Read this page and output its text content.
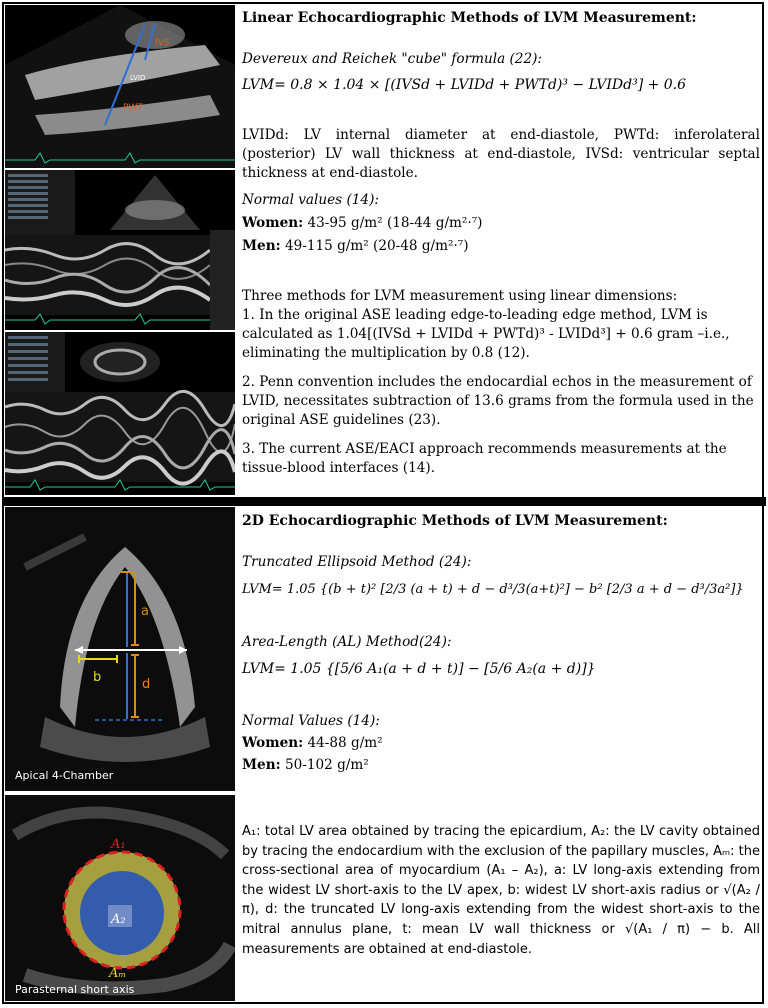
IVS
LVID
PWT
Linear Echocardiographic Methods of LVM Measurement:
Devereux and Reichek "cube" formula (22):
LVM= 0.8 × 1.04 × [(IVSd + LVIDd + PWTd)³ − LVIDd³] + 0.6
LVIDd: LV internal diameter at end-diastole, PWTd: inferolateral (posterior) LV wall thickness at end-diastole, IVSd: ventricular septal thickness at end-diastole.
Normal values (14):
Women: 43-95 g/m² (18-44 g/m²·⁷)
Men: 49-115 g/m² (20-48 g/m²·⁷)
Three methods for LVM measurement using linear dimensions:
1. In the original ASE leading edge-to-leading edge method, LVM is calculated as 1.04[(IVSd + LVIDd + PWTd)³ - LVIDd³] + 0.6 gram –i.e., eliminating the multiplication by 0.8 (12).
2. Penn convention includes the endocardial echos in the measurement of LVID, necessitates subtraction of 13.6 grams from the formula used in the original ASE guidelines (23).
3. The current ASE/EACI approach recommends measurements at the tissue-blood interfaces (14).
a
b	d
Apical 4-Chamber
A₁
A₂
Aₘ
Parasternal short axis
2D Echocardiographic Methods of LVM Measurement:
Truncated Ellipsoid Method (24):
LVM= 1.05 {(b + t)² [2/3 (a + t) + d − d³/3(a+t)²] − b² [2/3 a + d − d³/3a²]}
Area-Length (AL) Method(24):
LVM= 1.05 {[5/6 A₁(a + d + t)] − [5/6 A₂(a + d)]}
Normal Values (14):
Women: 44-88 g/m²
Men: 50-102 g/m²
A₁: total LV area obtained by tracing the epicardium, A₂: the LV cavity obtained by tracing the endocardium with the exclusion of the papillary muscles, Aₘ: the cross-sectional area of myocardium (A₁ – A₂), a: LV long-axis extending from the widest LV short-axis to the LV apex, b: widest LV short-axis radius or √(A₂ / π), d: the truncated LV long-axis extending from the widest short-axis to the mitral annulus plane, t: mean LV wall thickness or √(A₁ / π) − b. All measurements are obtained at end-diastole.
